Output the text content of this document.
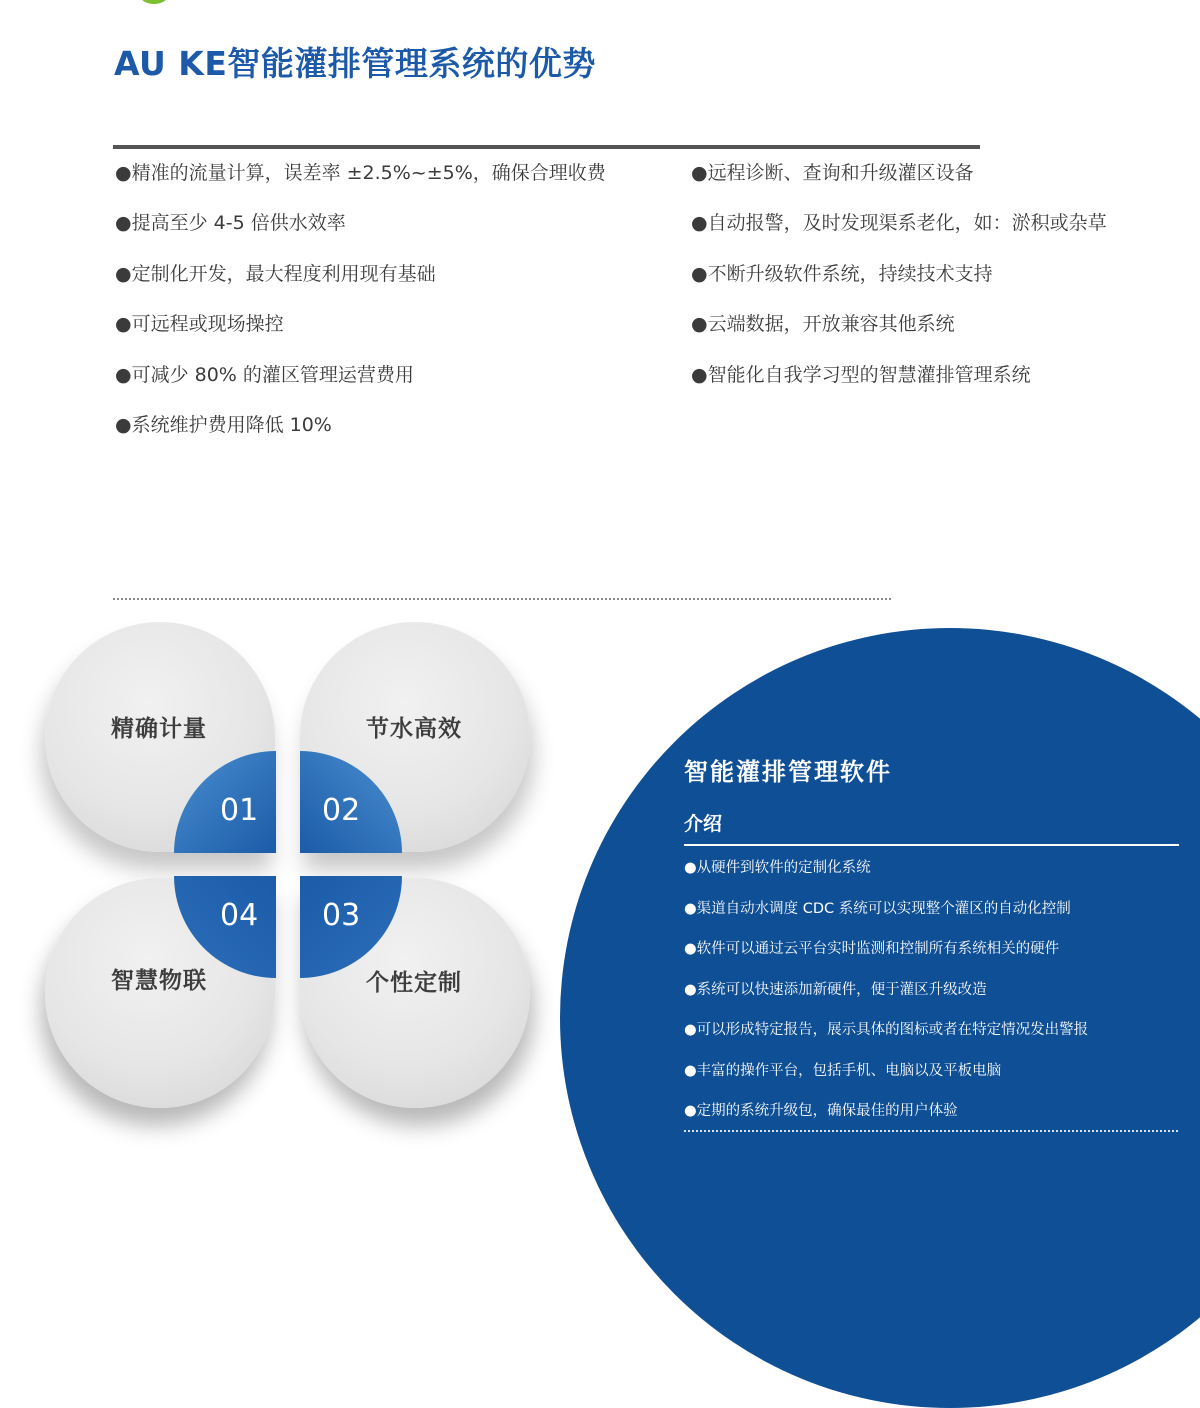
AU KE智能灌排管理系统的优势
●精准的流量计算，误差率 ±2.5%~±5%，确保合理收费
●提高至少 4-5 倍供水效率
●定制化开发，最大程度利用现有基础
●可远程或现场操控
●可减少 80% 的灌区管理运营费用
●系统维护费用降低 10%
●远程诊断、查询和升级灌区设备
●自动报警，及时发现渠系老化，如：淤积或杂草
●不断升级软件系统，持续技术支持
●云端数据，开放兼容其他系统
●智能化自我学习型的智慧灌排管理系统
精确计量	节水高效
智慧物联	个性定制
01 02
04 03
智能灌排管理软件
介绍
●从硬件到软件的定制化系统
●渠道自动水调度 CDC 系统可以实现整个灌区的自动化控制
●软件可以通过云平台实时监测和控制所有系统相关的硬件
●系统可以快速添加新硬件，便于灌区升级改造
●可以形成特定报告，展示具体的图标或者在特定情况发出警报
●丰富的操作平台，包括手机、电脑以及平板电脑
●定期的系统升级包，确保最佳的用户体验
